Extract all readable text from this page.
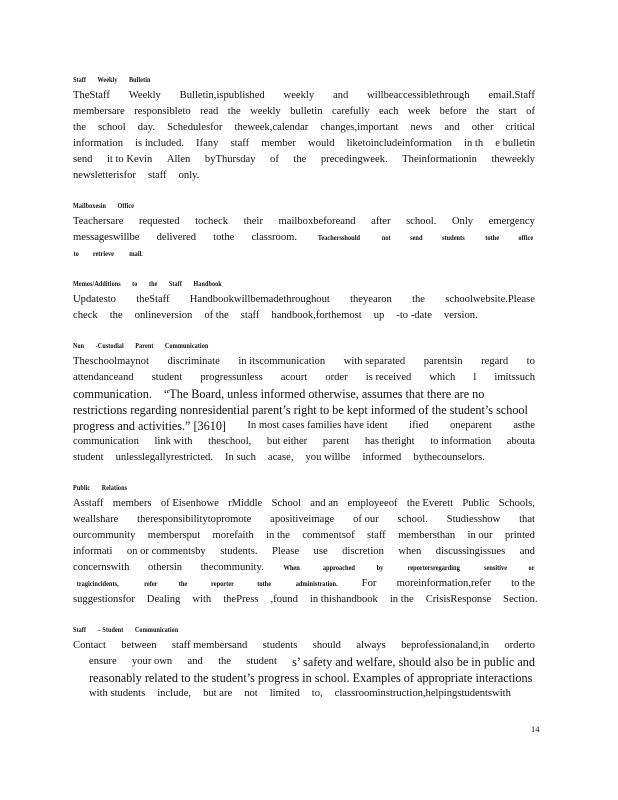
Staff Weekly Bulletin
TheStaff Weekly Bulletin,ispublished weekly and willbeaccessiblethrough email.Staff
membersare responsibleto read the weekly bulletin carefully each week before the start of
the school day. Schedulesfor theweek,calendar changes,important news and other critical
information is included. Ifany staff member would liketoincludeinformation in th e bulletin
send it to Kevin Allen byThursday of the precedingweek. Theinformationin theweekly
newsletterisfor staff only.
Mailboxesin Office
Teachersare requested tocheck their mailboxbeforeand after school. Only emergency
messageswillbe delivered tothe classroom.	Teachersshould	not	send	students	tothe	office
to retrieve mail.
Memos/Additions to the Staff Handbook
Updatesto theStaff Handbookwillbemadethroughout theyearon the schoolwebsite.Please
check the onlineversion of the staff handbook,forthemost up -to -date version.
Non -Custodial Parent Communication
Theschoolmaynot discriminate in itscommunication with separated parentsin regard to
attendanceand student progressunless acourt order is received which l imitssuch
communication. “The Board, unless informed otherwise, assumes that there are no
restrictions regarding nonresidential parent’s right to be kept informed of the student’s school
progress and activities.” [3610] In most cases families have ident ified oneparent asthe
communication link with theschool, but either parent has theright to information abouta
student unlesslegallyrestricted. In such acase, you willbe informed bythecounselors.
Public Relations
Asstaff members of Eisenhowe rMiddle School and an employeeof the Everett Public Schools,
weallshare theresponsibilitytopromote apositiveimage of our school. Studiesshow that
ourcommunity membersput morefaith in the commentsof staff membersthan in our printed
informati on or commentsby students. Please use discretion when discussingissues and
concernswith othersin thecommunity.	When	approached	by	reportersregarding	sensitive	or
tragicincidents,	refer	the	reporter	tothe	administration. For moreinformation,refer to the
suggestionsfor Dealing with thePress ,found in thishandbook in the CrisisResponse Section.
Staff – Student Communication
Contact between staff membersand students should always beprofessionaland,in orderto
ensure your own and the student s’ safety and welfare, should also be in public and
reasonably related to the student’s progress in school. Examples of appropriate interactions
with students include, but are not limited to, classroominstruction,helpingstudentswith
14
